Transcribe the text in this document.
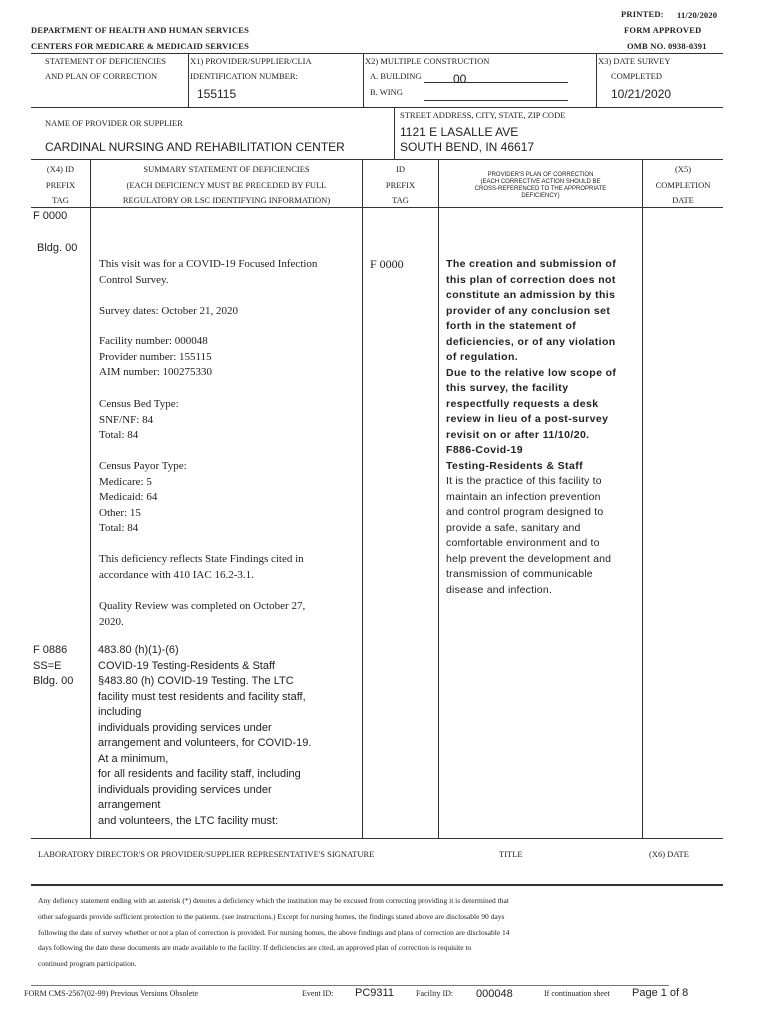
PRINTED: 11/20/2020
FORM APPROVED
OMB NO. 0938-0391
DEPARTMENT OF HEALTH AND HUMAN SERVICES
CENTERS FOR MEDICARE & MEDICAID SERVICES
STATEMENT OF DEFICIENCIES
AND PLAN OF CORRECTION
X1) PROVIDER/SUPPLIER/CLIA
IDENTIFICATION NUMBER:
155115
X2) MULTIPLE CONSTRUCTION
A. BUILDING	00
B. WING
X3) DATE SURVEY
COMPLETED
10/21/2020
NAME OF PROVIDER OR SUPPLIER
CARDINAL NURSING AND REHABILITATION CENTER
STREET ADDRESS, CITY, STATE, ZIP CODE
1121 E LASALLE AVE
SOUTH BEND, IN 46617
(X4) ID
PREFIX
TAG
SUMMARY STATEMENT OF DEFICIENCIES
(EACH DEFICIENCY MUST BE PRECEDED BY FULL
REGULATORY OR LSC IDENTIFYING INFORMATION)
ID
PREFIX
TAG
PROVIDER'S PLAN OF CORRECTION
(EACH CORRECTIVE ACTION SHOULD BE
CROSS-REFERENCED TO THE APPROPRIATE
DEFICIENCY)
(X5)
COMPLETION
DATE
F 0000
Bldg. 00
This visit was for a COVID-19 Focused Infection
Control Survey.
Survey dates: October 21, 2020
Facility number: 000048
Provider number: 155115
AIM number: 100275330
Census Bed Type:
SNF/NF: 84
Total: 84
Census Payor Type:
Medicare: 5
Medicaid: 64
Other: 15
Total: 84
This deficiency reflects State Findings cited in
accordance with 410 IAC 16.2-3.1.
Quality Review was completed on October 27,
2020.
F 0000	The creation and submission of
this plan of correction does not
constitute an admission by this
provider of any conclusion set
forth in the statement of
deficiencies, or of any violation
of regulation.
Due to the relative low scope of
this survey, the facility
respectfully requests a desk
review in lieu of a post-survey
revisit on or after 11/10/20.
F886-Covid-19
Testing-Residents & Staff
It is the practice of this facility to
maintain an infection prevention
and control program designed to
provide a safe, sanitary and
comfortable environment and to
help prevent the development and
transmission of communicable
disease and infection.
F 0886
SS=E
Bldg. 00
483.80 (h)(1)-(6)
COVID-19 Testing-Residents & Staff
§483.80 (h) COVID-19 Testing. The LTC
facility must test residents and facility staff,
including
individuals providing services under
arrangement and volunteers, for COVID-19.
At a minimum,
for all residents and facility staff, including
individuals providing services under
arrangement
and volunteers, the LTC facility must:
LABORATORY DIRECTOR'S OR PROVIDER/SUPPLIER REPRESENTATIVE'S SIGNATURE	TITLE	(X6) DATE
Any defiency statement ending with an asterisk (*) denotes a deficiency which the institution may be excused from correcting providing it is determined that
other safeguards provide sufficient protection to the patients. (see instructions.) Except for nursing homes, the findings stated above are disclosable 90 days
following the date of survey whether or not a plan of correction is provided. For nursing homes, the above findings and plans of correction are disclosable 14
days following the date these documents are made available to the facility. If deficiencies are cited, an approved plan of correction is requisite to
continued program participation.
FORM CMS-2567(02-99) Previous Versions Obsolete	Event ID: PC9311	Facility ID: 000048	If continuation sheet Page 1 of 8
